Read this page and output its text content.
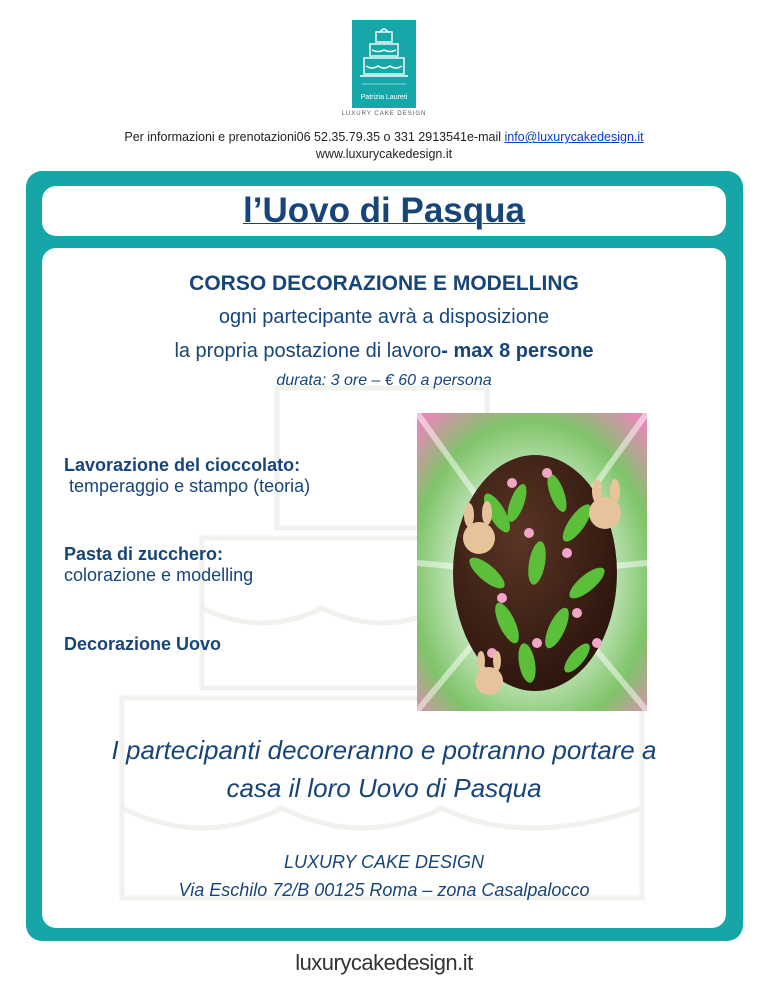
Patrizia Laureti
LUXURY CAKE DESIGN
Per informazioni e prenotazioni06 52.35.79.35 o 331 2913541e-mail info@luxurycakedesign.it
www.luxurycakedesign.it
l’Uovo di Pasqua
CORSO DECORAZIONE E MODELLING
ogni partecipante avrà a disposizione
la propria postazione di lavoro- max 8 persone
durata: 3 ore – € 60 a persona
Lavorazione del cioccolato:
temperaggio e stampo (teoria)
Pasta di zucchero:
colorazione e modelling
Decorazione Uovo
I partecipanti decoreranno e potranno portare a
casa il loro Uovo di Pasqua
LUXURY CAKE DESIGN
Via Eschilo 72/B 00125 Roma – zona Casalpalocco
luxurycakedesign.it
